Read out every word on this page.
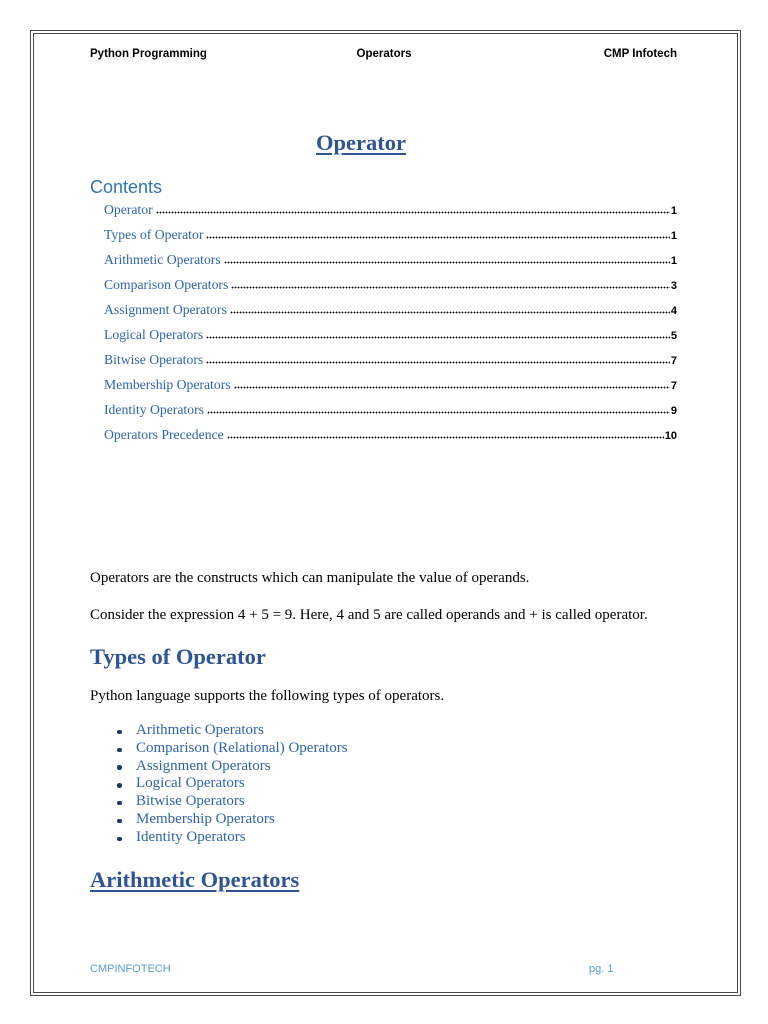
Python Programming	Operators	CMP Infotech
Operator
Contents
Operator	1
Types of Operator	1
Arithmetic Operators	1
Comparison Operators	3
Assignment Operators	4
Logical Operators	5
Bitwise Operators	7
Membership Operators	7
Identity Operators	9
Operators Precedence	10

Operators are the constructs which can manipulate the value of operands.

Consider the expression 4 + 5 = 9. Here, 4 and 5 are called operands and + is called operator.

Types of Operator

Python language supports the following types of operators.

Arithmetic Operators
Comparison (Relational) Operators
Assignment Operators
Logical Operators
Bitwise Operators
Membership Operators
Identity Operators
Arithmetic Operators
CMPINFOTECH	pg. 1
